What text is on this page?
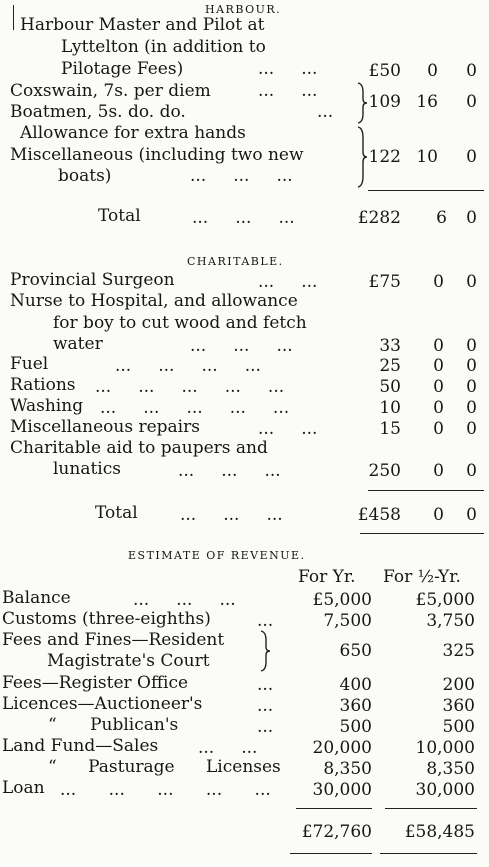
HARBOUR.
Harbour Master and Pilot at
Lyttelton (in addition to
Pilotage Fees)	...     ...	£50 0 0
Coxswain, 7s. per diem	...     ...
Boatmen, 5s. do. do.	... 109 16 0
Allowance for extra hands
Miscellaneous (including two new
boats)	...     ...     ...
122 10 0
Total	...     ...     ...	£282 6 0
CHARITABLE.
Provincial Surgeon	...     ...	£75 0 0
Nurse to Hospital, and allowance
for boy to cut wood and fetch
water	...     ...     ...	33 0 0
Fuel	...     ...     ...     ...	25 0 0
Rations ...     ...     ...     ...     ...	50 0 0
Washing ...     ...     ...     ...     ...	10 0 0
Miscellaneous repairs	...     ...	15 0 0
Charitable aid to paupers and
lunatics	...     ...     ...	250 0 0
Total ...     ...     ...	£458 0 0
ESTIMATE OF REVENUE.
For Yr. For ½-Yr.
Balance	...     ...     ...	£5,000	£5,000
Customs (three-eighths)	...	7,500	3,750
Fees and Fines—Resident
Magistrate's Court	650	325
Fees—Register Office	...	400	200
Licences—Auctioneer's	...	360	360
“ Publican's	...	500	500
Land Fund—Sales ...     ...	20,000	10,000
“ Pasturage Licenses	8,350	8,350
Loan ...      ...      ...      ...      ... 30,000	30,000
£72,760 £58,485
